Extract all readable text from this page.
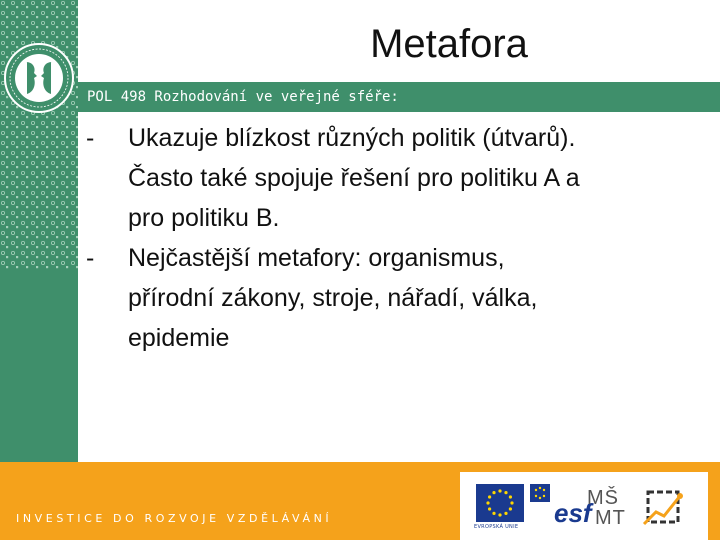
Metafora
POL 498 Rozhodování ve veřejné sféře:
- Ukazuje blízkost různých politik (útvarů).
Často také spojuje řešení pro politiku A a
pro politiku B.
- Nejčastější metafory: organismus,
přírodní zákony, stroje, nářadí, válka,
epidemie
INVESTICE DO ROZVOJE VZDĚLÁVÁNÍ
EVROPSKÁ UNIE esf
MŠ
MT
